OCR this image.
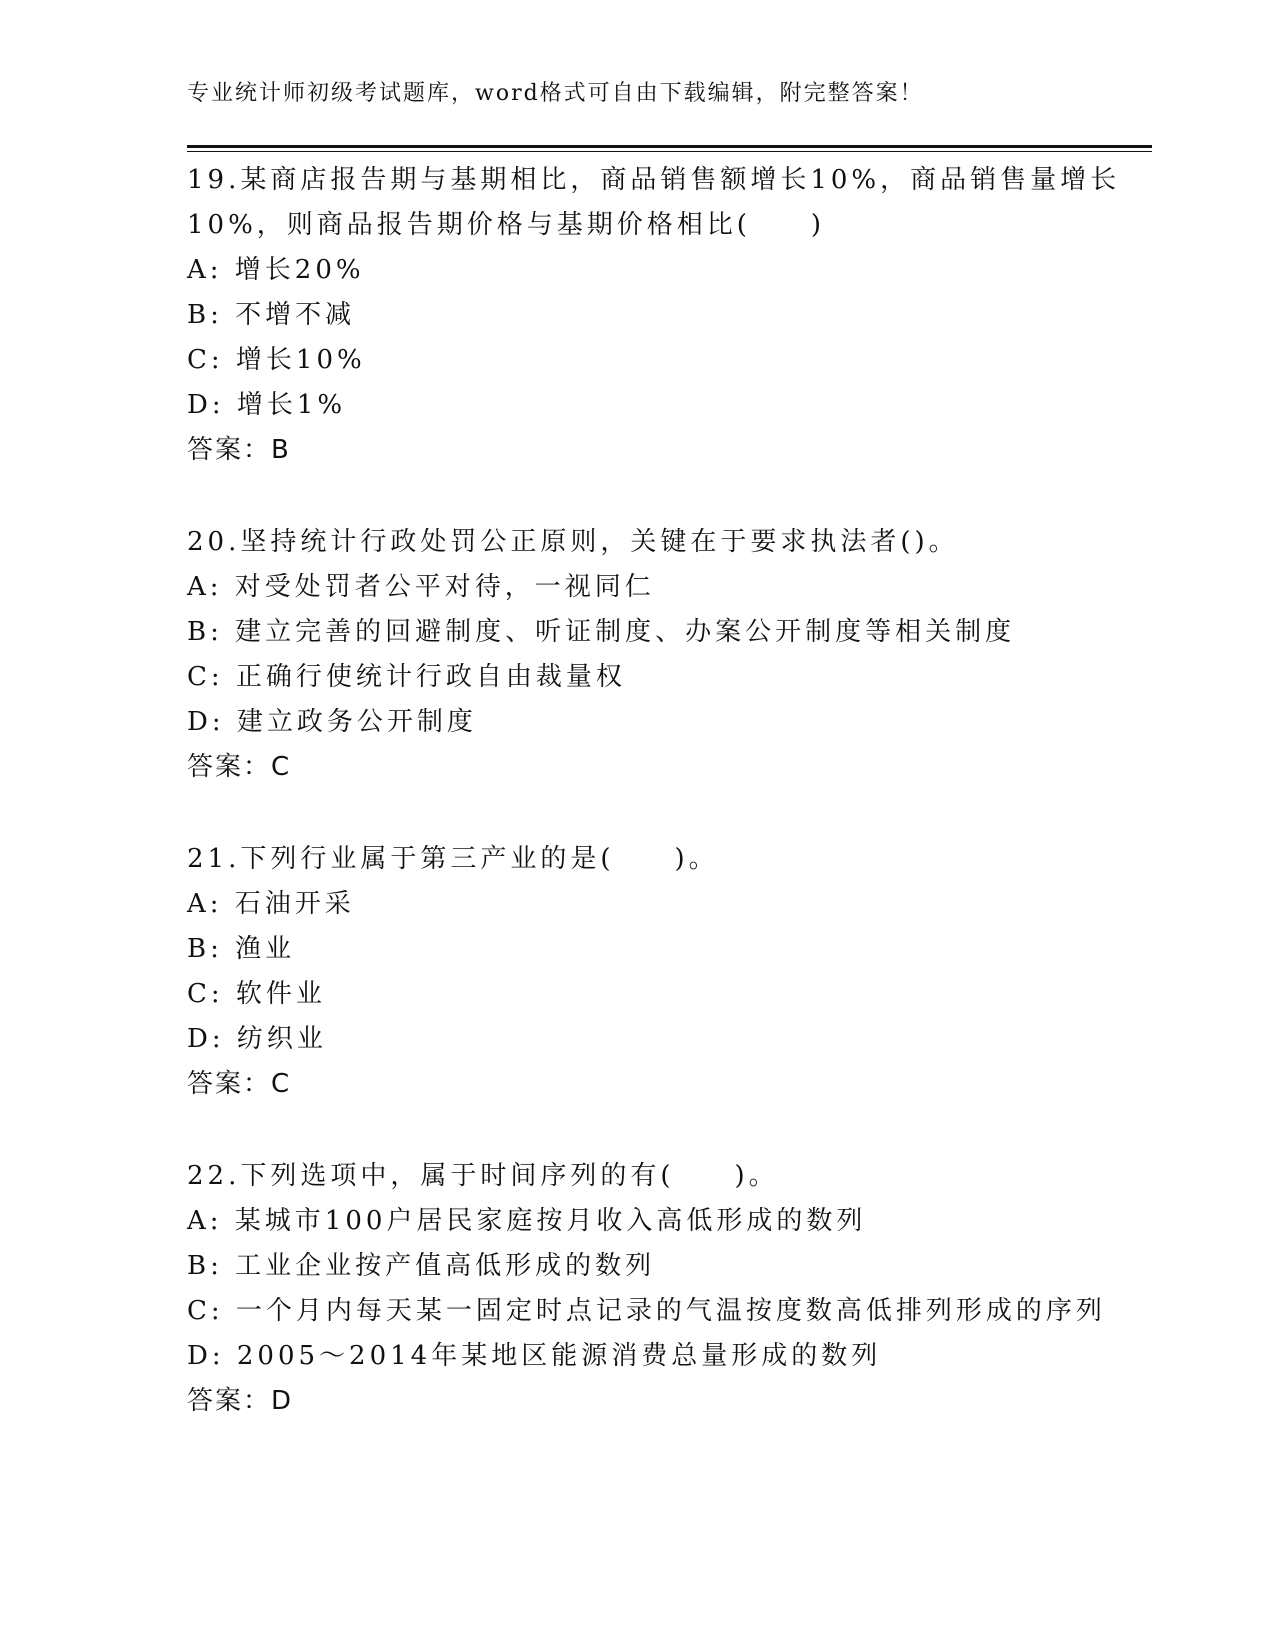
专业统计师初级考试题库，word格式可自由下载编辑，附完整答案！
19.某商店报告期与基期相比，商品销售额增长10%，商品销售量增长
10%，则商品报告期价格与基期价格相比(　　)
A: 增长20%
B: 不增不减
C: 增长10%
D: 增长1%
答案：B
20.坚持统计行政处罚公正原则，关键在于要求执法者()。
A: 对受处罚者公平对待，一视同仁
B: 建立完善的回避制度、听证制度、办案公开制度等相关制度
C: 正确行使统计行政自由裁量权
D: 建立政务公开制度
答案：C
21.下列行业属于第三产业的是(　　)。
A: 石油开采
B: 渔业
C: 软件业
D: 纺织业
答案：C
22.下列选项中，属于时间序列的有(　　)。
A: 某城市100户居民家庭按月收入高低形成的数列
B: 工业企业按产值高低形成的数列
C: 一个月内每天某一固定时点记录的气温按度数高低排列形成的序列
D: 2005～2014年某地区能源消费总量形成的数列
答案：D
